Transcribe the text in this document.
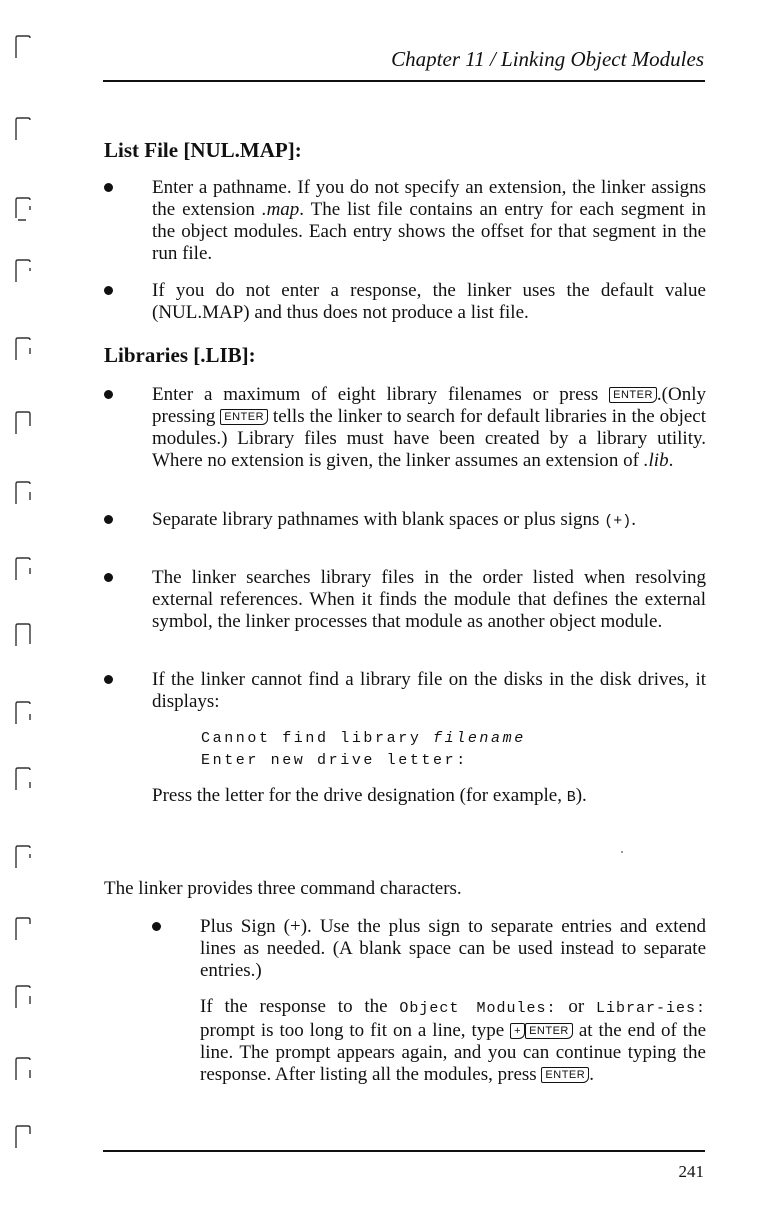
Chapter 11 / Linking Object Modules
List File [NUL.MAP]:
Enter a pathname. If you do not specify an extension, the linker assigns the extension .map. The list file contains an entry for each segment in the object modules. Each entry shows the offset for that segment in the run file.
If you do not enter a response, the linker uses the default value (NUL.MAP) and thus does not produce a list file.
Libraries [.LIB]:
Enter a maximum of eight library filenames or press ENTER .(Only pressing ENTER tells the linker to search for default libraries in the object modules.) Library files must have been created by a library utility. Where no extension is given, the linker assumes an extension of .lib.
Separate library pathnames with blank spaces or plus signs (+).
The linker searches library files in the order listed when resolving external references. When it finds the module that defines the external symbol, the linker processes that module as another object module.
If the linker cannot find a library file on the disks in the disk drives, it displays:
Cannot find library filename
Enter new drive letter:
Press the letter for the drive designation (for example, B).
The linker provides three command characters.
Plus Sign (+). Use the plus sign to separate entries and extend lines as needed. (A blank space can be used instead to separate entries.)
If the response to the Object Modules: or Librar-ies: prompt is too long to fit on a line, type + ENTER at the end of the line. The prompt appears again, and you can continue typing the response. After listing all the modules, press ENTER .
241
